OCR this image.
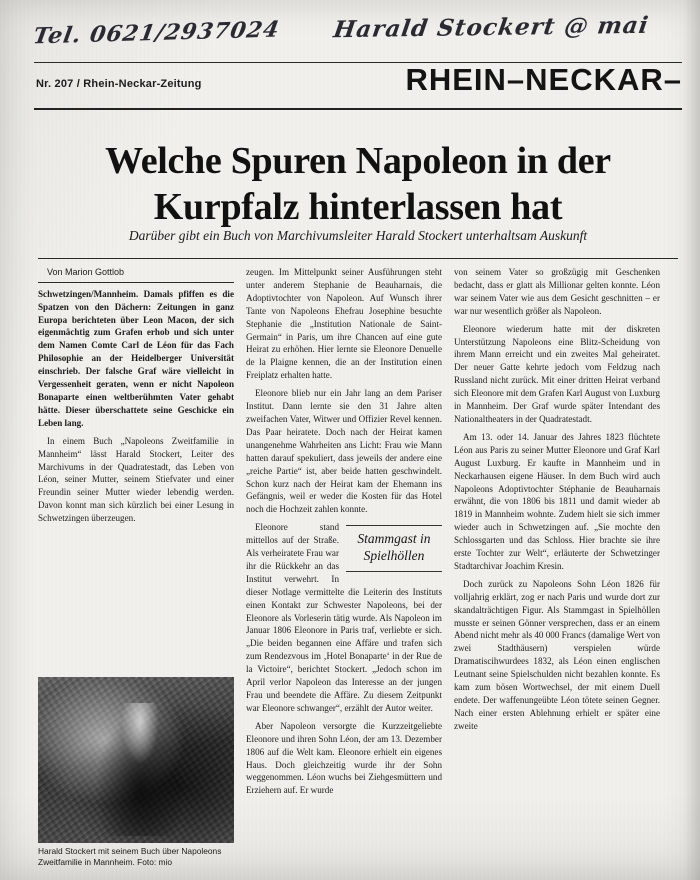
Tel. 0621/2937024 Harald Stockert @ mai
Nr. 207 / Rhein-Neckar-Zeitung	RHEIN–NECKAR–
Welche Spuren Napoleon in der
Kurpfalz hinterlassen hat
Darüber gibt ein Buch von Marchivumsleiter Harald Stockert unterhaltsam Auskunft

Von Marion Gottlob

Schwetzingen/Mannheim. Damals pfiffen es die Spatzen von den Dächern: Zeitungen in ganz Europa berichteten über Leon Macon, der sich eigenmächtig zum Grafen erhob und sich unter dem Namen Comte Carl de Léon für das Fach Philosophie an der Heidelberger Universität einschrieb. Der falsche Graf wäre vielleicht in Vergessenheit geraten, wenn er nicht Napoleon Bonaparte einen weltberühmten Vater gehabt hätte. Dieser überschattete seine Geschicke ein Leben lang.

In einem Buch „Napoleons Zweitfamilie in Mannheim“ lässt Harald Stockert, Leiter des Marchivums in der Quadratestadt, das Leben von Léon, seiner Mutter, seinem Stiefvater und einer Freundin seiner Mutter wieder lebendig werden. Davon konnt man sich kürzlich bei einer Lesung in Schwetzingen überzeugen.

Harald Stockert mit seinem Buch über Napoleons Zweitfamilie in Mannheim. Foto: mio

zeugen. Im Mittelpunkt seiner Ausführungen steht unter anderem Stephanie de Beauharnais, die Adoptivtochter von Napoleon. Auf Wunsch ihrer Tante von Napoleons Ehefrau Josephine besuchte Stephanie die „Institution Nationale de Saint-Germain“ in Paris, um ihre Chancen auf eine gute Heirat zu erhöhen. Hier lernte sie Eleonore Denuelle de la Plaigne kennen, die an der Institution einen Freiplatz erhalten hatte.

Eleonore blieb nur ein Jahr lang an dem Pariser Institut. Dann lernte sie den 31 Jahre alten zweifachen Vater, Witwer und Offizier Revel kennen. Das Paar heiratete. Doch nach der Heirat kamen unangenehme Wahrheiten ans Licht: Frau wie Mann hatten darauf spekuliert, dass jeweils der andere eine „reiche Partie“ ist, aber beide hatten geschwindelt. Schon kurz nach der Heirat kam der Ehemann ins Gefängnis, weil er weder die Kosten für das Hotel noch die Hochzeit zahlen konnte.

Stammgast in
Spielhöllen

Eleonore stand mittellos auf der Straße. Als verheiratete Frau war ihr die Rückkehr an das Institut verwehrt. In dieser Notlage vermittelte die Leiterin des Instituts einen Kontakt zur Schwester Napoleons, bei der Eleonore als Vorleserin tätig wurde. Als Napoleon im Januar 1806 Eleonore in Paris traf, verliebte er sich. „Die beiden begannen eine Affäre und trafen sich zum Rendezvous im ‚Hotel Bonaparte‘ in der Rue de la Victoire“, berichtet Stockert. „Jedoch schon im April verlor Napoleon das Interesse an der jungen Frau und beendete die Affäre. Zu diesem Zeitpunkt war Eleonore schwanger“, erzählt der Autor weiter.

Aber Napoleon versorgte die Kurzzeitgeliebte Eleonore und ihren Sohn Léon, der am 13. Dezember 1806 auf die Welt kam. Eleonore erhielt ein eigenes Haus. Doch gleichzeitig wurde ihr der Sohn weggenommen. Léon wuchs bei Ziehgesmüttern und Erziehern auf. Er wurde

von seinem Vater so großzügig mit Geschenken bedacht, dass er glatt als Millionar gelten konnte. Léon war seinem Vater wie aus dem Gesicht geschnitten – er war nur wesentlich größer als Napoleon.

Eleonore wiederum hatte mit der diskreten Unterstützung Napoleons eine Blitz-Scheidung von ihrem Mann erreicht und ein zweites Mal geheiratet. Der neuer Gatte kehrte jedoch vom Feldzug nach Russland nicht zurück. Mit einer dritten Heirat verband sich Eleonore mit dem Grafen Karl August von Luxburg in Mannheim. Der Graf wurde später Intendant des Nationaltheaters in der Quadratestadt.

Am 13. oder 14. Januar des Jahres 1823 flüchtete Léon aus Paris zu seiner Mutter Eleonore und Graf Karl August Luxburg. Er kaufte in Mannheim und in Neckarhausen eigene Häuser. In dem Buch wird auch Napoleons Adoptivtochter Stéphanie de Beauharnais erwähnt, die von 1806 bis 1811 und damit wieder ab 1819 in Mannheim wohnte. Zudem hielt sie sich immer wieder auch in Schwetzingen auf. „Sie mochte den Schlossgarten und das Schloss. Hier brachte sie ihre erste Tochter zur Welt“, erläuterte der Schwetzinger Stadtarchivar Joachim Kresin.

Doch zurück zu Napoleons Sohn Léon 1826 für volljahrig erklärt, zog er nach Paris und wurde dort zur skandalträchtigen Figur. Als Stammgast in Spielhöllen musste er seinen Gönner versprechen, dass er an einem Abend nicht mehr als 40 000 Francs (damalige Wert von zwei Stadthäusern) verspielen würde Dramatiscihwurdees 1832, als Léon einen englischen Leutnant seine Spielschulden nicht bezahlen konnte. Es kam zum bösen Wortwechsel, der mit einem Duell endete. Der waffenungeübte Léon tötete seinen Gegner. Nach einer ersten Ablehnung erhielt er später eine zweite
